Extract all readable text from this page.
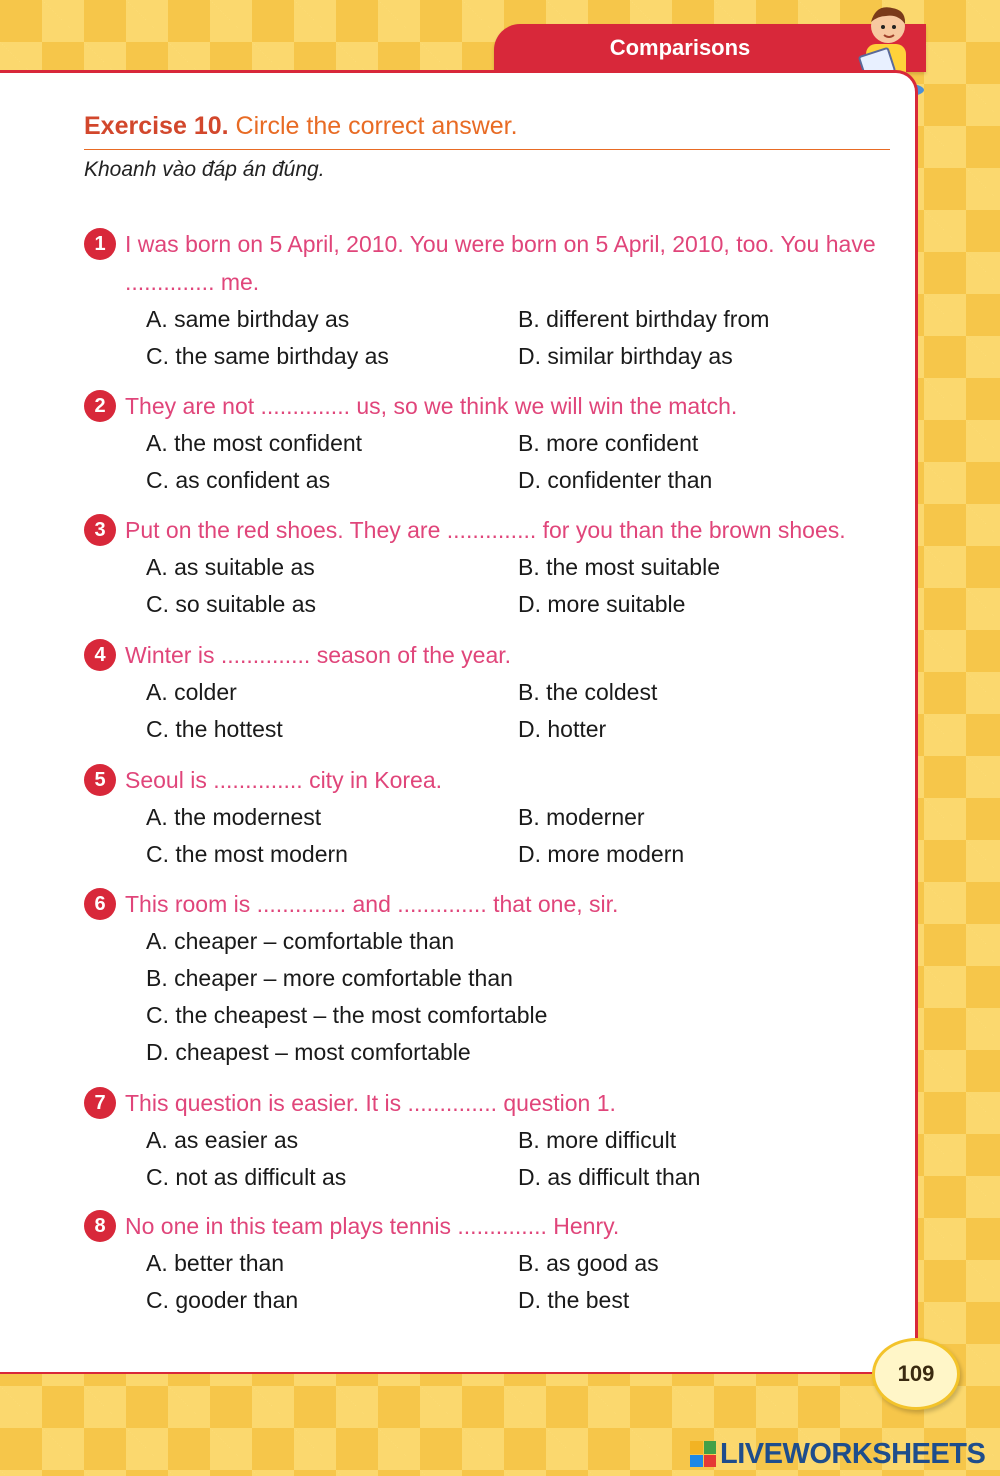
Comparisons
Exercise 10. Circle the correct answer.
Khoanh vào đáp án đúng.
1 I was born on 5 April, 2010. You were born on 5 April, 2010, too. You have .............. me.
A. same birthday as	B. different birthday from
C. the same birthday as	D. similar birthday as
2 They are not .............. us, so we think we will win the match.
A. the most confident	B. more confident
C. as confident as	D. confidenter than
3 Put on the red shoes. They are .............. for you than the brown shoes.
A. as suitable as	B. the most suitable
C. so suitable as	D. more suitable
4 Winter is .............. season of the year.
A. colder	B. the coldest
C. the hottest	D. hotter
5 Seoul is .............. city in Korea.
A. the modernest	B. moderner
C. the most modern	D. more modern
6 This room is .............. and .............. that one, sir.
A. cheaper – comfortable than
B. cheaper – more comfortable than
C. the cheapest – the most comfortable
D. cheapest – most comfortable
7 This question is easier. It is .............. question 1.
A. as easier as	B. more difficult
C. not as difficult as	D. as difficult than
8 No one in this team plays tennis .............. Henry.
A. better than	B. as good as
C. gooder than	D. the best
109
LIVEWORKSHEETS
